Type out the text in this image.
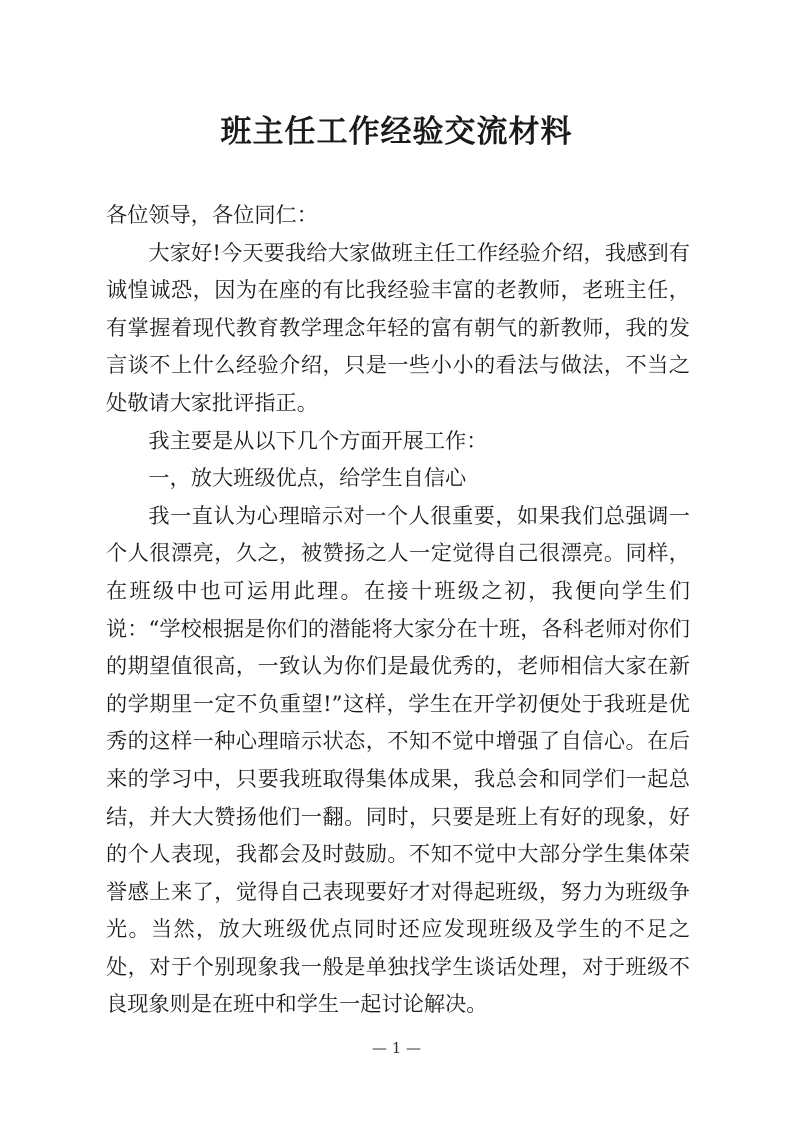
班主任工作经验交流材料

各位领导，各位同仁：

大家好!今天要我给大家做班主任工作经验介绍，我感到有诚惶诚恐，因为在座的有比我经验丰富的老教师，老班主任，有掌握着现代教育教学理念年轻的富有朝气的新教师，我的发言谈不上什么经验介绍，只是一些小小的看法与做法，不当之处敬请大家批评指正。

我主要是从以下几个方面开展工作：

一，放大班级优点，给学生自信心

我一直认为心理暗示对一个人很重要，如果我们总强调一个人很漂亮，久之，被赞扬之人一定觉得自己很漂亮。同样，在班级中也可运用此理。在接十班级之初，我便向学生们说：“学校根据是你们的潜能将大家分在十班，各科老师对你们的期望值很高，一致认为你们是最优秀的，老师相信大家在新的学期里一定不负重望!”这样，学生在开学初便处于我班是优秀的这样一种心理暗示状态，不知不觉中增强了自信心。在后来的学习中，只要我班取得集体成果，我总会和同学们一起总结，并大大赞扬他们一翻。同时，只要是班上有好的现象，好的个人表现，我都会及时鼓励。不知不觉中大部分学生集体荣誉感上来了，觉得自己表现要好才对得起班级，努力为班级争光。当然，放大班级优点同时还应发现班级及学生的不足之处，对于个别现象我一般是单独找学生谈话处理，对于班级不良现象则是在班中和学生一起讨论解决。

— 1 —
